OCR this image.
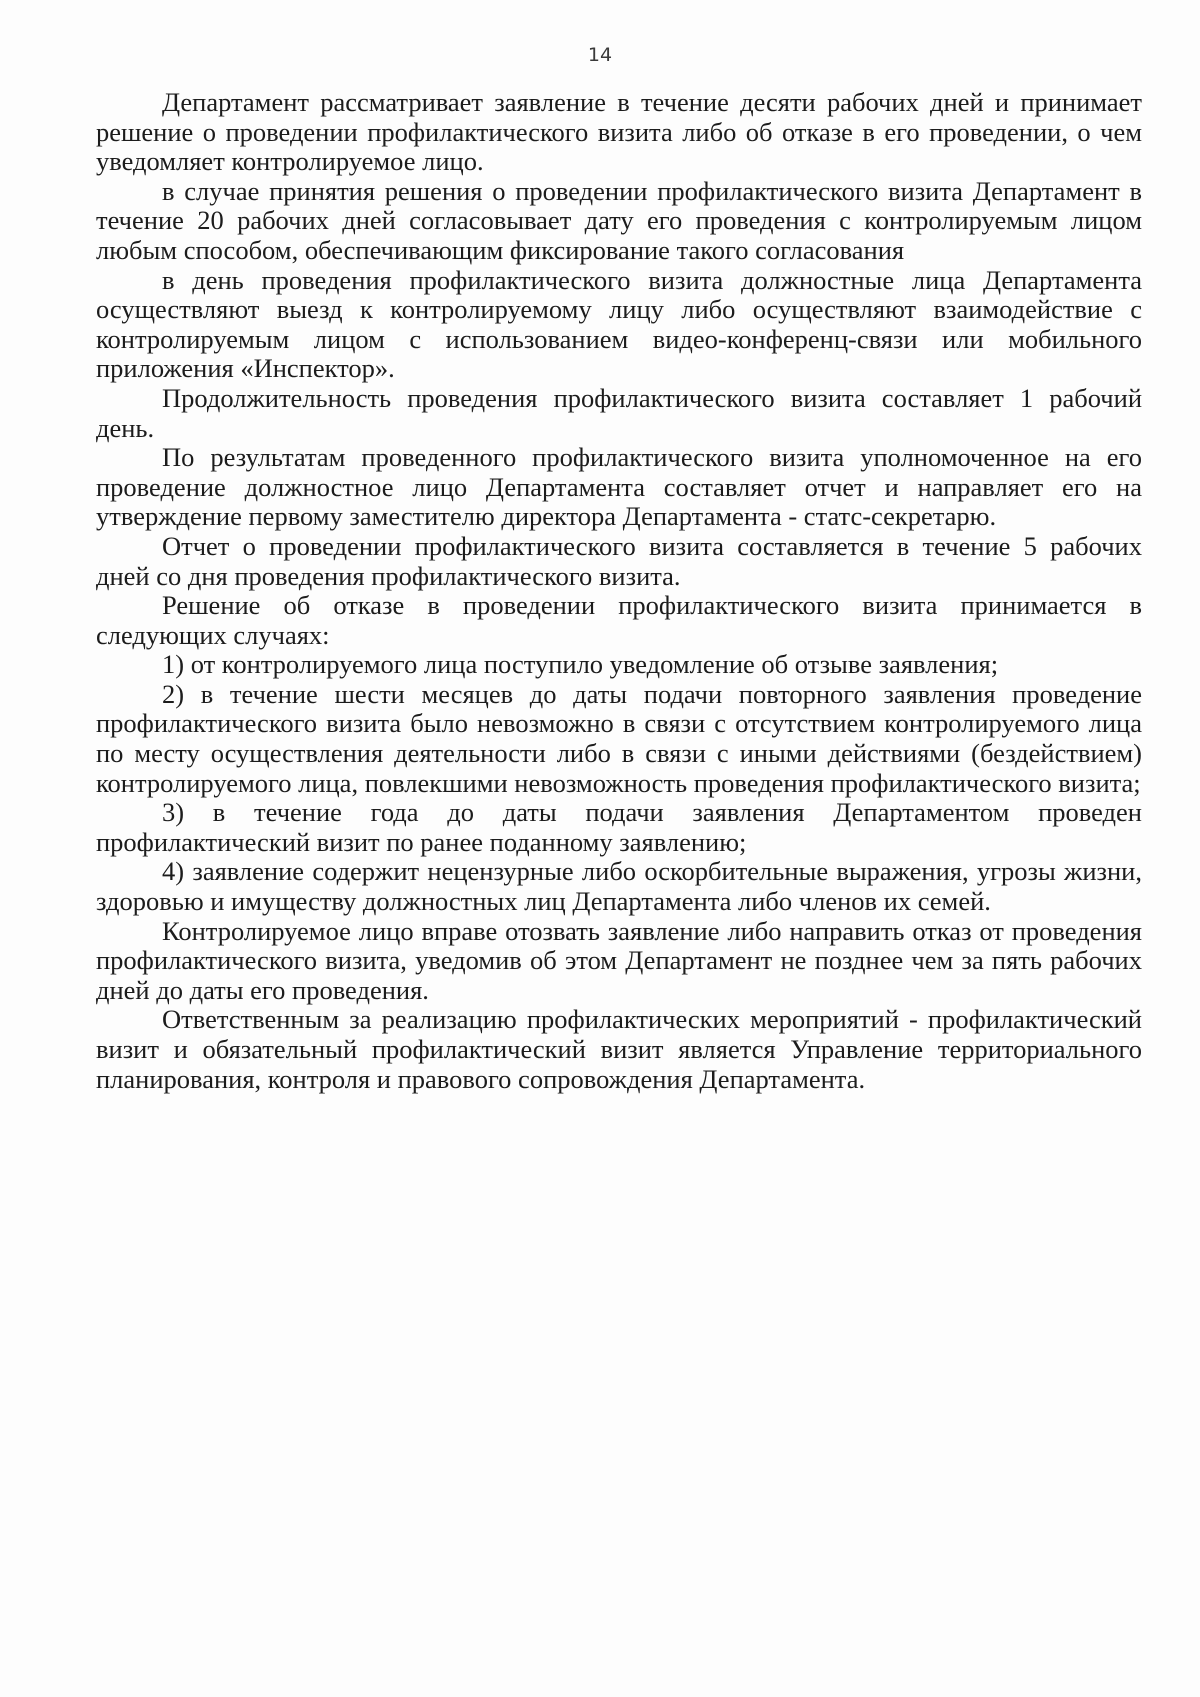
14

Департамент рассматривает заявление в течение десяти рабочих дней и принимает решение о проведении профилактического визита либо об отказе в его проведении, о чем уведомляет контролируемое лицо.

в случае принятия решения о проведении профилактического визита Департамент в течение 20 рабочих дней согласовывает дату его проведения с контролируемым лицом любым способом, обеспечивающим фиксирование такого согласования

в день проведения профилактического визита должностные лица Департамента осуществляют выезд к контролируемому лицу либо осуществляют взаимодействие с контролируемым лицом с использованием видео-конференц-связи или мобильного приложения «Инспектор».

Продолжительность проведения профилактического визита составляет 1 рабочий день.

По результатам проведенного профилактического визита уполномоченное на его проведение должностное лицо Департамента составляет отчет и направляет его на утверждение первому заместителю директора Департамента - статс-секретарю.

Отчет о проведении профилактического визита составляется в течение 5 рабочих дней со дня проведения профилактического визита.

Решение об отказе в проведении профилактического визита принимается в следующих случаях:

1) от контролируемого лица поступило уведомление об отзыве заявления;

2) в течение шести месяцев до даты подачи повторного заявления проведение профилактического визита было невозможно в связи с отсутствием контролируемого лица по месту осуществления деятельности либо в связи с иными действиями (бездействием) контролируемого лица, повлекшими невозможность проведения профилактического визита;

3) в течение года до даты подачи заявления Департаментом проведен профилактический визит по ранее поданному заявлению;

4) заявление содержит нецензурные либо оскорбительные выражения, угрозы жизни, здоровью и имуществу должностных лиц Департамента либо членов их семей.

Контролируемое лицо вправе отозвать заявление либо направить отказ от проведения профилактического визита, уведомив об этом Департамент не позднее чем за пять рабочих дней до даты его проведения.

Ответственным за реализацию профилактических мероприятий - профилактический визит и обязательный профилактический визит является Управление территориального планирования, контроля и правового сопровождения Департамента.
